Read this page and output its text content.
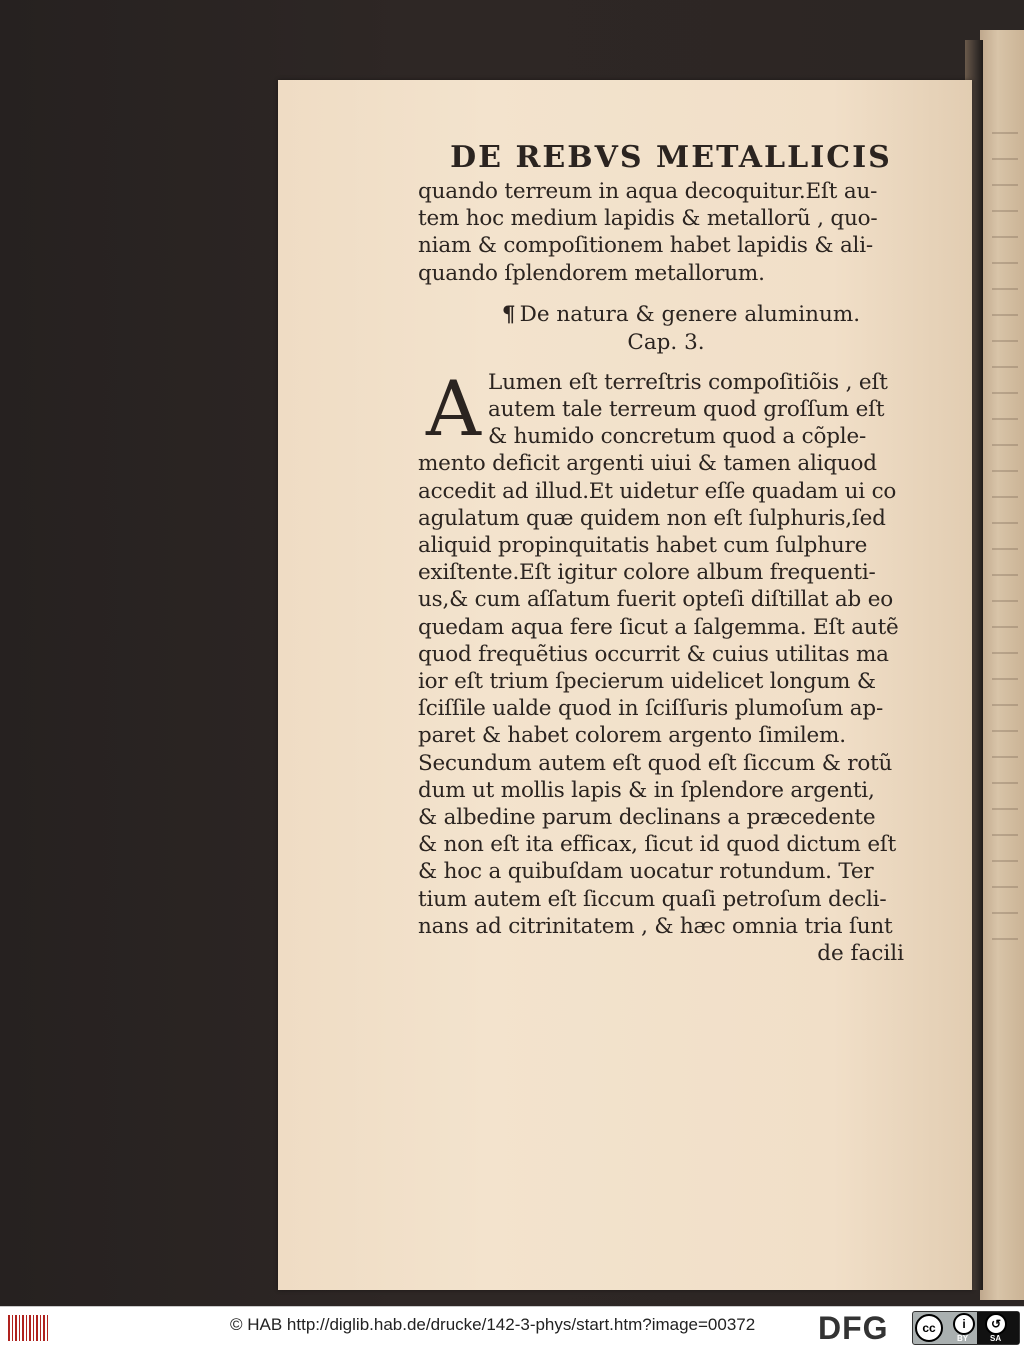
DE REBVS METALLICIS
quando terreum in aqua decoquitur.Eſt au‑
tem hoc medium lapidis & metallorũ , quo‑
niam & compoſitionem habet lapidis & ali‑
quando ſplendorem metallorum.
¶ De natura & genere aluminum.
Cap. 3.
A Lumen eſt terreſtris compoſitiõis , eſt
autem tale terreum quod groſſum eſt
& humido concretum quod a cõple‑
mento deficit argenti uiui & tamen aliquod
accedit ad illud.Et uidetur eſſe quadam ui co
agulatum quæ quidem non eſt ſulphuris,ſed
aliquid propinquitatis habet cum ſulphure
exiſtente.Eſt igitur colore album frequenti‑
us,& cum aſſatum fuerit opteſi diſtillat ab eo
quedam aqua fere ſicut a ſalgemma. Eſt autẽ
quod frequẽtius occurrit & cuius utilitas ma
ior eſt trium ſpecierum uidelicet longum &
ſciſſile ualde quod in ſciſſuris plumoſum ap‑
paret & habet colorem argento ſimilem.
Secundum autem eſt quod eſt ſiccum & rotũ
dum ut mollis lapis & in ſplendore argenti,
& albedine parum declinans a præcedente
& non eſt ita efficax, ſicut id quod dictum eſt
& hoc a quibuſdam uocatur rotundum. Ter
tium autem eſt ſiccum quaſi petroſum decli‑
nans ad citrinitatem , & hæc omnia tria ſunt
de facili
© HAB http://diglib.hab.de/drucke/142-3-phys/start.htm?image=00372 DFG	cc	i	↺
BY	SA
